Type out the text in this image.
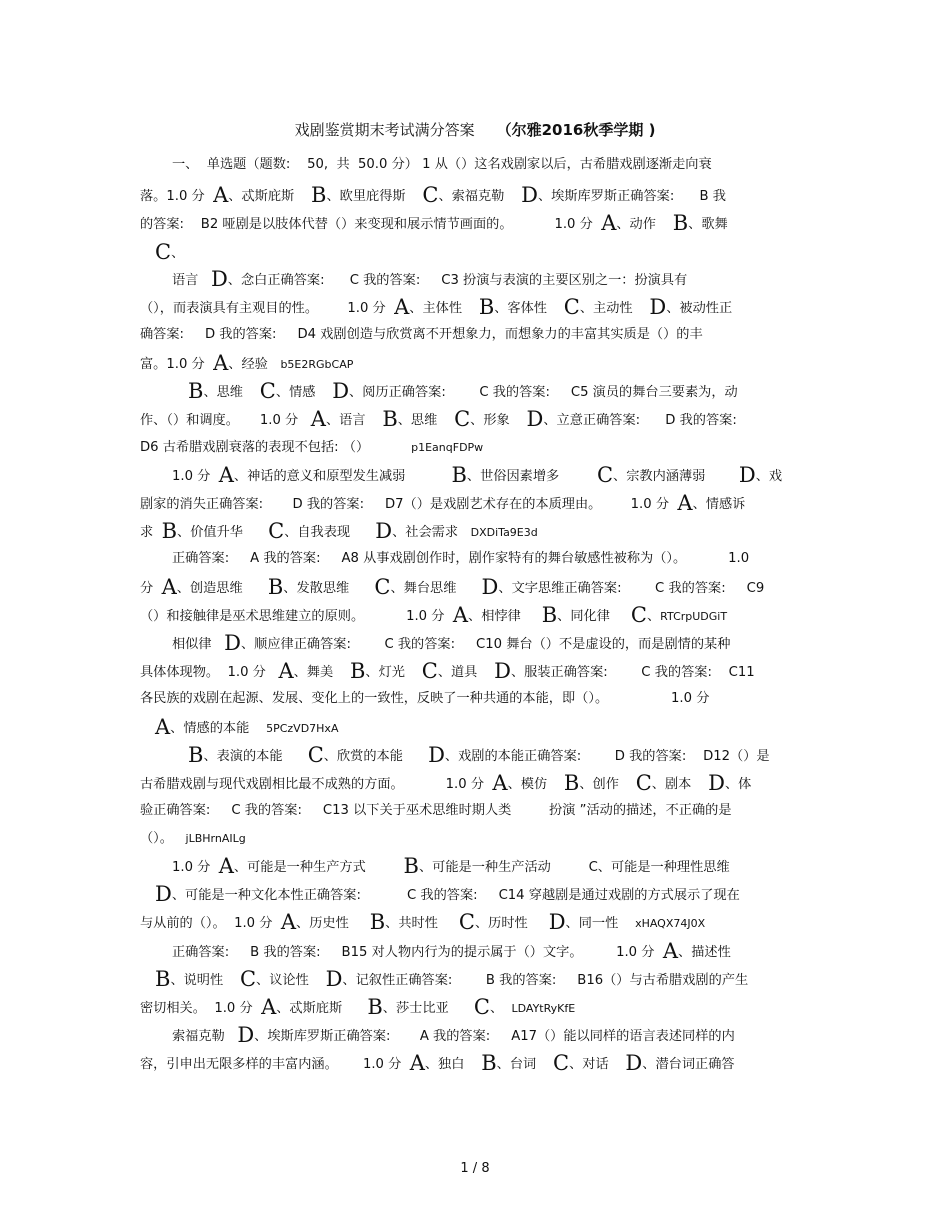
戏剧鉴赏期末考试满分答案 （尔雅2016秋季学期 )
一、  单选题（题数:    50,  共  50.0 分） 1 从（）这名戏剧家以后，古希腊戏剧逐渐走向衰
落。1.0 分  A、忒斯庇斯    B、欧里庇得斯    C、索福克勒    D、埃斯库罗斯正确答案:      B 我
的答案:    B2 哑剧是以肢体代替（）来变现和展示情节画面的。          1.0 分  A、动作    B、歌舞
C、
语言   D、念白正确答案:      C 我的答案:     C3 扮演与表演的主要区别之一：扮演具有
（），而表演具有主观目的性。       1.0 分  A、主体性    B、客体性    C、主动性    D、被动性正
确答案:     D 我的答案:     D4 戏剧创造与欣赏离不开想象力，而想象力的丰富其实质是（）的丰
富。1.0 分  A、经验   b5E2RGbCAP
B、思维    C、情感    D、阅历正确答案:        C 我的答案:     C5 演员的舞台三要素为，动
作、（）和调度。     1.0 分   A、语言    B、思维    C、形象    D、立意正确答案:      D 我的答案:
D6 古希腊戏剧衰落的表现不包括: （）          p1EanqFDPw
1.0 分  A、神话的意义和原型发生减弱           B、世俗因素增多         C、宗教内涵薄弱        D、戏
剧家的消失正确答案:       D 我的答案:     D7（）是戏剧艺术存在的本质理由。       1.0 分  A、情感诉
求  B、价值升华      C、自我表现      D、社会需求   DXDiTa9E3d
正确答案:     A 我的答案:     A8 从事戏剧创作时，剧作家特有的舞台敏感性被称为（）。          1.0
分  A、创造思维      B、发散思维      C、舞台思维      D、文字思维正确答案:        C 我的答案:     C9
（）和接触律是巫术思维建立的原则。          1.0 分  A、相悖律     B、同化律     C、RTCrpUDGiT
相似律   D、顺应律正确答案:        C 我的答案:     C10 舞台（）不是虚设的，而是剧情的某种
具体体现物。  1.0 分   A、舞美    B、灯光    C、道具    D、服装正确答案:        C 我的答案:    C11
各民族的戏剧在起源、发展、变化上的一致性，反映了一种共通的本能，即（）。               1.0 分
A、情感的本能    5PCzVD7HxA
B、表演的本能      C、欣赏的本能      D、戏剧的本能正确答案:        D 我的答案:    D12（）是
古希腊戏剧与现代戏剧相比最不成熟的方面。          1.0 分  A、模仿    B、创作    C、剧本    D、体
验正确答案:     C 我的答案:     C13 以下关于巫术思维时期人类         扮演 ”活动的描述，不正确的是
（）。   jLBHrnAILg
1.0 分  A、可能是一种生产方式         B、可能是一种生产活动         C、可能是一种理性思维
D、可能是一种文化本性正确答案:           C 我的答案:     C14 穿越剧是通过戏剧的方式展示了现在
与从前的（）。  1.0 分  A、历史性     B、共时性     C、历时性     D、同一性    xHAQX74J0X
正确答案:     B 我的答案:     B15 对人物内行为的提示属于（）文字。        1.0 分  A、描述性
B、说明性    C、议论性    D、记叙性正确答案:        B 我的答案:     B16（）与古希腊戏剧的产生
密切相关。  1.0 分  A、忒斯庇斯      B、莎士比亚      C、  LDAYtRyKfE
索福克勒   D、埃斯库罗斯正确答案:       A 我的答案:     A17（）能以同样的语言表述同样的内
容，引申出无限多样的丰富内涵。      1.0 分  A、独白    B、台词    C、对话    D、潜台词正确答
1 / 8
